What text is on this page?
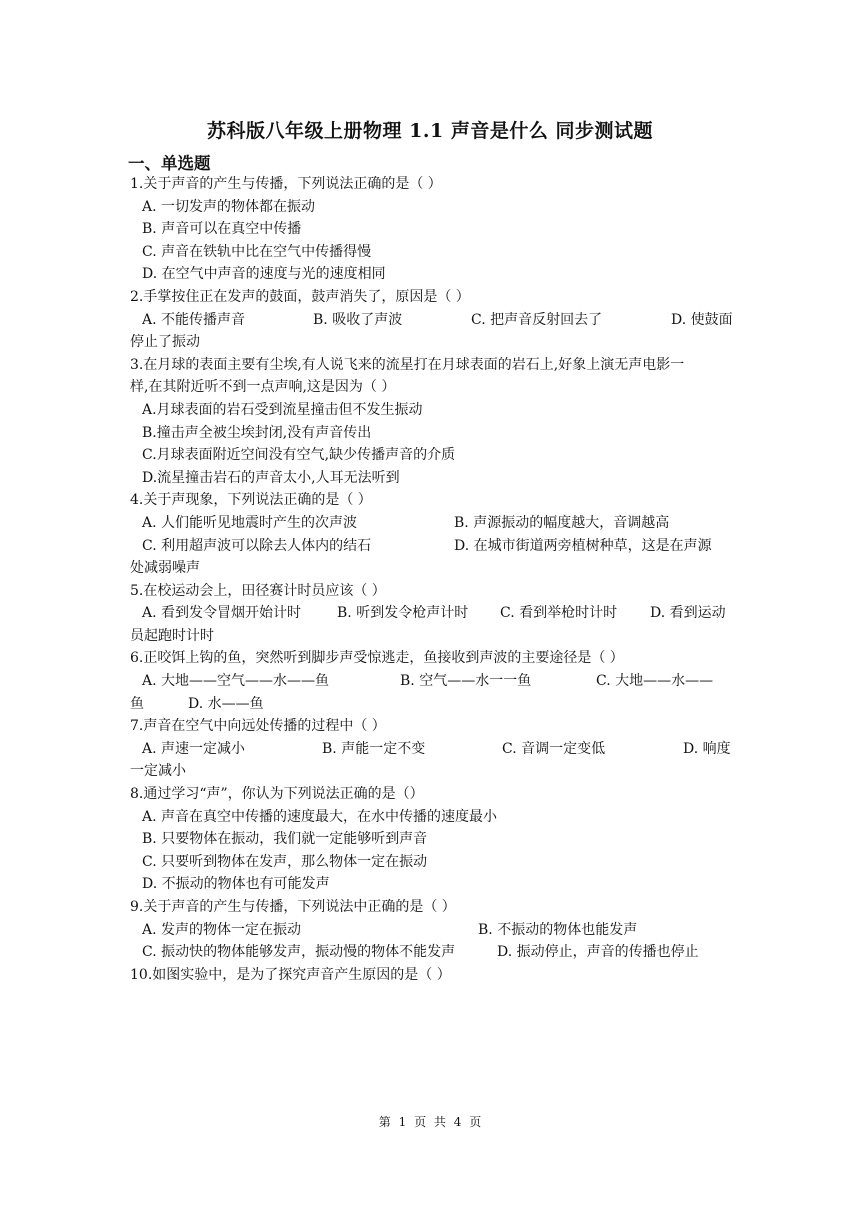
苏科版八年级上册物理 1.1 声音是什么 同步测试题
一、单选题
1.关于声音的产生与传播，下列说法正确的是（ ）
A. 一切发声的物体都在振动
B. 声音可以在真空中传播
C. 声音在铁轨中比在空气中传播得慢
D. 在空气中声音的速度与光的速度相同
2.手掌按住正在发声的鼓面，鼓声消失了，原因是（ ）
A. 不能传播声音	B. 吸收了声波	C. 把声音反射回去了	D. 使鼓面
停止了振动
3.在月球的表面主要有尘埃,有人说飞来的流星打在月球表面的岩石上,好象上演无声电影一
样,在其附近听不到一点声响,这是因为（ ）
A.月球表面的岩石受到流星撞击但不发生振动
B.撞击声全被尘埃封闭,没有声音传出
C.月球表面附近空间没有空气,缺少传播声音的介质
D.流星撞击岩石的声音太小,人耳无法听到
4.关于声现象，下列说法正确的是（ ）
A. 人们能听见地震时产生的次声波	B. 声源振动的幅度越大，音调越高
C. 利用超声波可以除去人体内的结石	D. 在城市街道两旁植树种草，这是在声源
处减弱噪声
5.在校运动会上，田径赛计时员应该（ ）
A. 看到发令冒烟开始计时	B. 听到发令枪声计时	C. 看到举枪时计时	D. 看到运动
员起跑时计时
6.正咬饵上钩的鱼，突然听到脚步声受惊逃走，鱼接收到声波的主要途径是（ ）
A. 大地——空气——水——鱼	B. 空气——水一一鱼	C. 大地——水——
鱼	D. 水——鱼
7.声音在空气中向远处传播的过程中（ ）
A. 声速一定减小	B. 声能一定不变	C. 音调一定变低	D. 响度
一定减小
8.通过学习“声”，你认为下列说法正确的是（）
A. 声音在真空中传播的速度最大，在水中传播的速度最小
B. 只要物体在振动，我们就一定能够听到声音
C. 只要听到物体在发声，那么物体一定在振动
D. 不振动的物体也有可能发声
9.关于声音的产生与传播，下列说法中正确的是（ ）
A. 发声的物体一定在振动	B. 不振动的物体也能发声
C. 振动快的物体能够发声，振动慢的物体不能发声	D. 振动停止，声音的传播也停止
10.如图实验中，是为了探究声音产生原因的是（ ）
第 1 页 共 4 页
